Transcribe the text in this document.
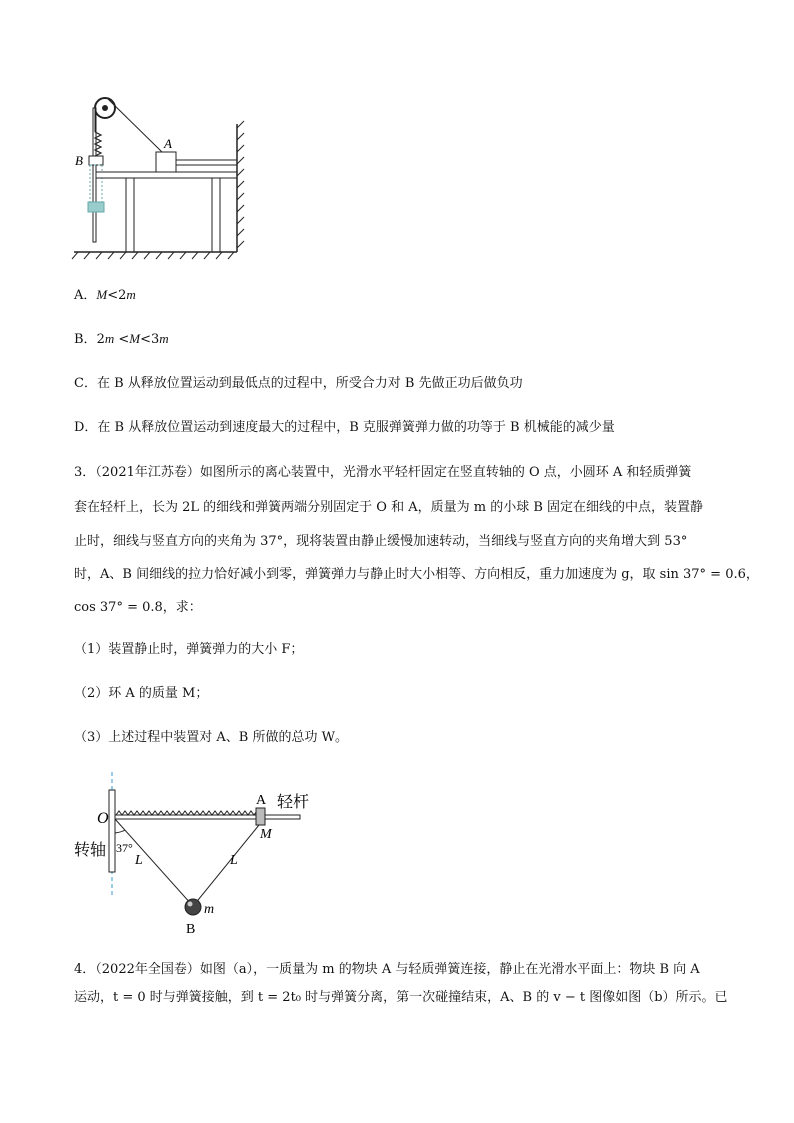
B
A
A．M<2m
B．2m <M<3m
C．在 B 从释放位置运动到最低点的过程中，所受合力对 B 先做正功后做负功
D．在 B 从释放位置运动到速度最大的过程中，B 克服弹簧弹力做的功等于 B 机械能的减少量
3．（2021年江苏卷）如图所示的离心装置中，光滑水平轻杆固定在竖直转轴的 O 点，小圆环 A 和轻质弹簧
套在轻杆上，长为 2L 的细线和弹簧两端分别固定于 O 和 A，质量为 m 的小球 B 固定在细线的中点，装置静
止时，细线与竖直方向的夹角为 37°，现将装置由静止缓慢加速转动，当细线与竖直方向的夹角增大到 53°
时，A、B 间细线的拉力恰好减小到零，弹簧弹力与静止时大小相等、方向相反，重力加速度为 g，取 sin 37° = 0.6，
cos 37° = 0.8，求：
（1）装置静止时，弹簧弹力的大小 F；
（2）环 A 的质量 M；
（3）上述过程中装置对 A、B 所做的总功 W。
A 轻杆
M
O
转轴 37°
L	L
m
B
4．（2022年全国卷）如图（a），一质量为 m 的物块 A 与轻质弹簧连接，静止在光滑水平面上：物块 B 向 A
运动，t = 0 时与弹簧接触，到 t = 2t₀ 时与弹簧分离，第一次碰撞结束，A、B 的 v − t 图像如图（b）所示。已
